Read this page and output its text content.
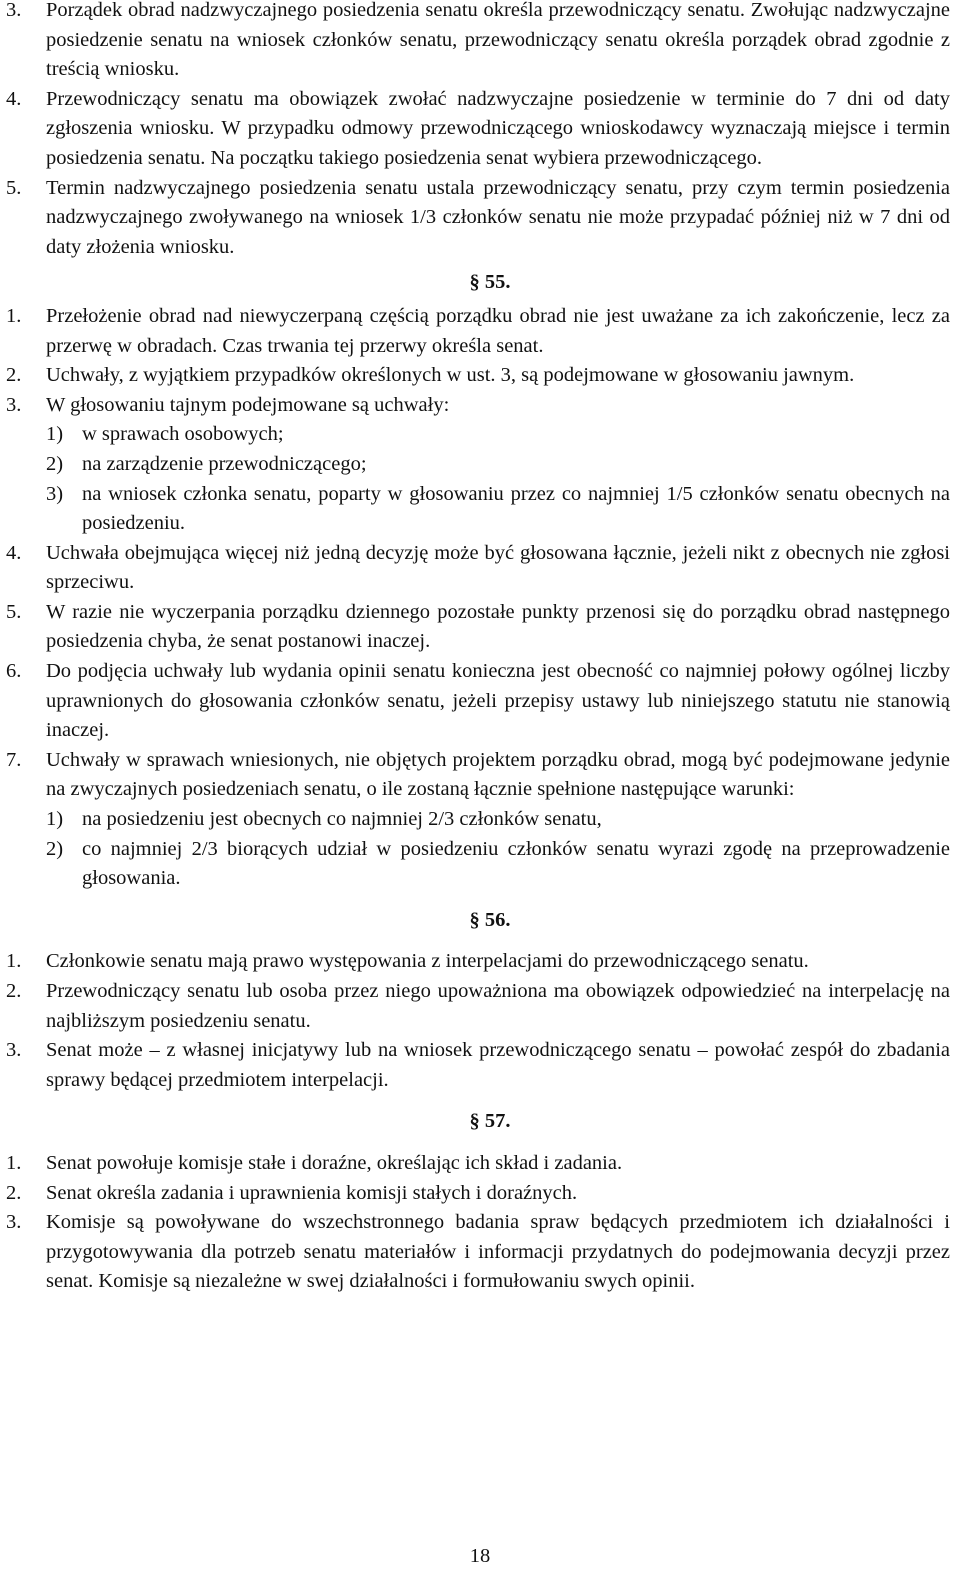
3.	Porządek obrad nadzwyczajnego posiedzenia senatu określa przewodniczący senatu. Zwołując nadzwyczajne posiedzenie senatu na wniosek członków senatu, przewodniczący senatu określa porządek obrad zgodnie z treścią wniosku.
4.	Przewodniczący senatu ma obowiązek zwołać nadzwyczajne posiedzenie w terminie do 7 dni od daty zgłoszenia wniosku. W przypadku odmowy przewodniczącego wnioskodawcy wyznaczają miejsce i termin posiedzenia senatu. Na początku takiego posiedzenia senat wybiera przewodniczącego.
5.	Termin nadzwyczajnego posiedzenia senatu ustala przewodniczący senatu, przy czym termin posiedzenia nadzwyczajnego zwoływanego na wniosek 1/3 członków senatu nie może przypadać później niż w 7 dni od daty złożenia wniosku.
§ 55.
1.	Przełożenie obrad nad niewyczerpaną częścią porządku obrad nie jest uważane za ich zakończenie, lecz za przerwę w obradach. Czas trwania tej przerwy określa senat.
2.	Uchwały, z wyjątkiem przypadków określonych w ust. 3, są podejmowane w głosowaniu jawnym.
3.	W głosowaniu tajnym podejmowane są uchwały:
1) w sprawach osobowych;
2) na zarządzenie przewodniczącego;
3) na wniosek członka senatu, poparty w głosowaniu przez co najmniej 1/5 członków senatu obecnych na posiedzeniu.
4.	Uchwała obejmująca więcej niż jedną decyzję może być głosowana łącznie, jeżeli nikt z obecnych nie zgłosi sprzeciwu.
5.	W razie nie wyczerpania porządku dziennego pozostałe punkty przenosi się do porządku obrad następnego posiedzenia chyba, że senat postanowi inaczej.
6.	Do podjęcia uchwały lub wydania opinii senatu konieczna jest obecność co najmniej połowy ogólnej liczby uprawnionych do głosowania członków senatu, jeżeli przepisy ustawy lub niniejszego statutu nie stanowią inaczej.
7.	Uchwały w sprawach wniesionych, nie objętych projektem porządku obrad, mogą być podejmowane jedynie na zwyczajnych posiedzeniach senatu, o ile zostaną łącznie spełnione następujące warunki:
1) na posiedzeniu jest obecnych co najmniej 2/3 członków senatu,
2) co najmniej 2/3 biorących udział w posiedzeniu członków senatu wyrazi zgodę na przeprowadzenie głosowania.
§ 56.
1.	Członkowie senatu mają prawo występowania z interpelacjami do przewodniczącego senatu.
2.	Przewodniczący senatu lub osoba przez niego upoważniona ma obowiązek odpowiedzieć na interpelację na najbliższym posiedzeniu senatu.
3.	Senat może – z własnej inicjatywy lub na wniosek przewodniczącego senatu – powołać zespół do zbadania sprawy będącej przedmiotem interpelacji.
§ 57.
1.	Senat powołuje komisje stałe i doraźne, określając ich skład i zadania.
2.	Senat określa zadania i uprawnienia komisji stałych i doraźnych.
3.	Komisje są powoływane do wszechstronnego badania spraw będących przedmiotem ich działalności i przygotowywania dla potrzeb senatu materiałów i informacji przydatnych do podejmowania decyzji przez senat. Komisje są niezależne w swej działalności i formułowaniu swych opinii.
18
